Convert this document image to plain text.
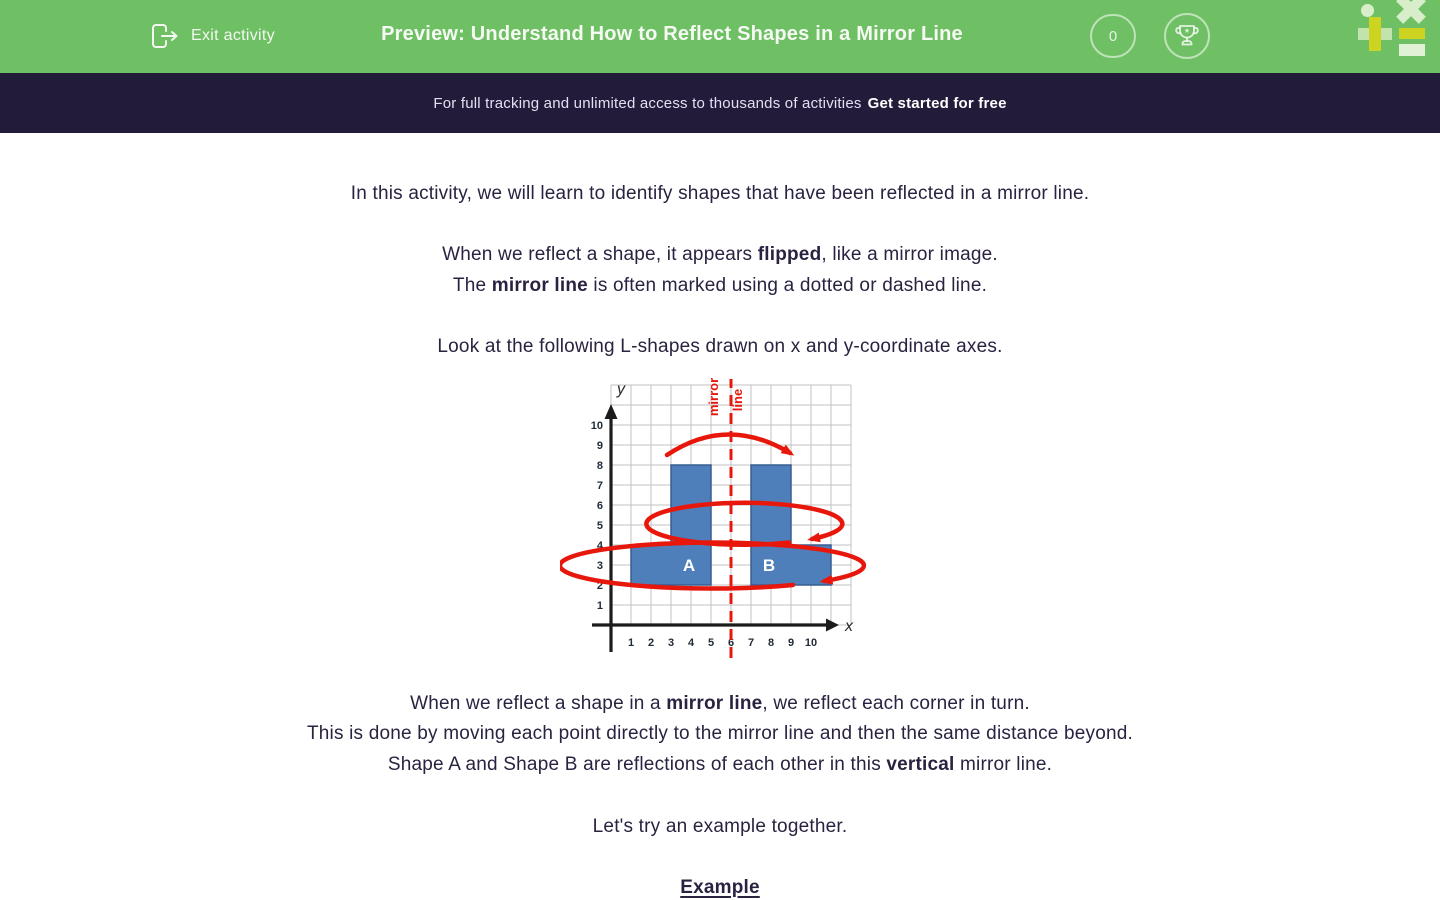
Exit activity	Preview: Understand How to Reflect Shapes in a Mirror Line	0
For full tracking and unlimited access to thousands of activities Get started for free
In this activity, we will learn to identify shapes that have been reflected in a mirror line.
When we reflect a shape, it appears flipped, like a mirror image.
The mirror line is often marked using a dotted or dashed line.
Look at the following L-shapes drawn on x and y-coordinate axes.
1 2 3 4 5 6 7 8 9 10
1
2
3
4
5
6
7
8
9
10
x
y
A	B
mirror line
When we reflect a shape in a mirror line, we reflect each corner in turn.
This is done by moving each point directly to the mirror line and then the same distance beyond.
Shape A and Shape B are reflections of each other in this vertical mirror line.
Let's try an example together.
Example
